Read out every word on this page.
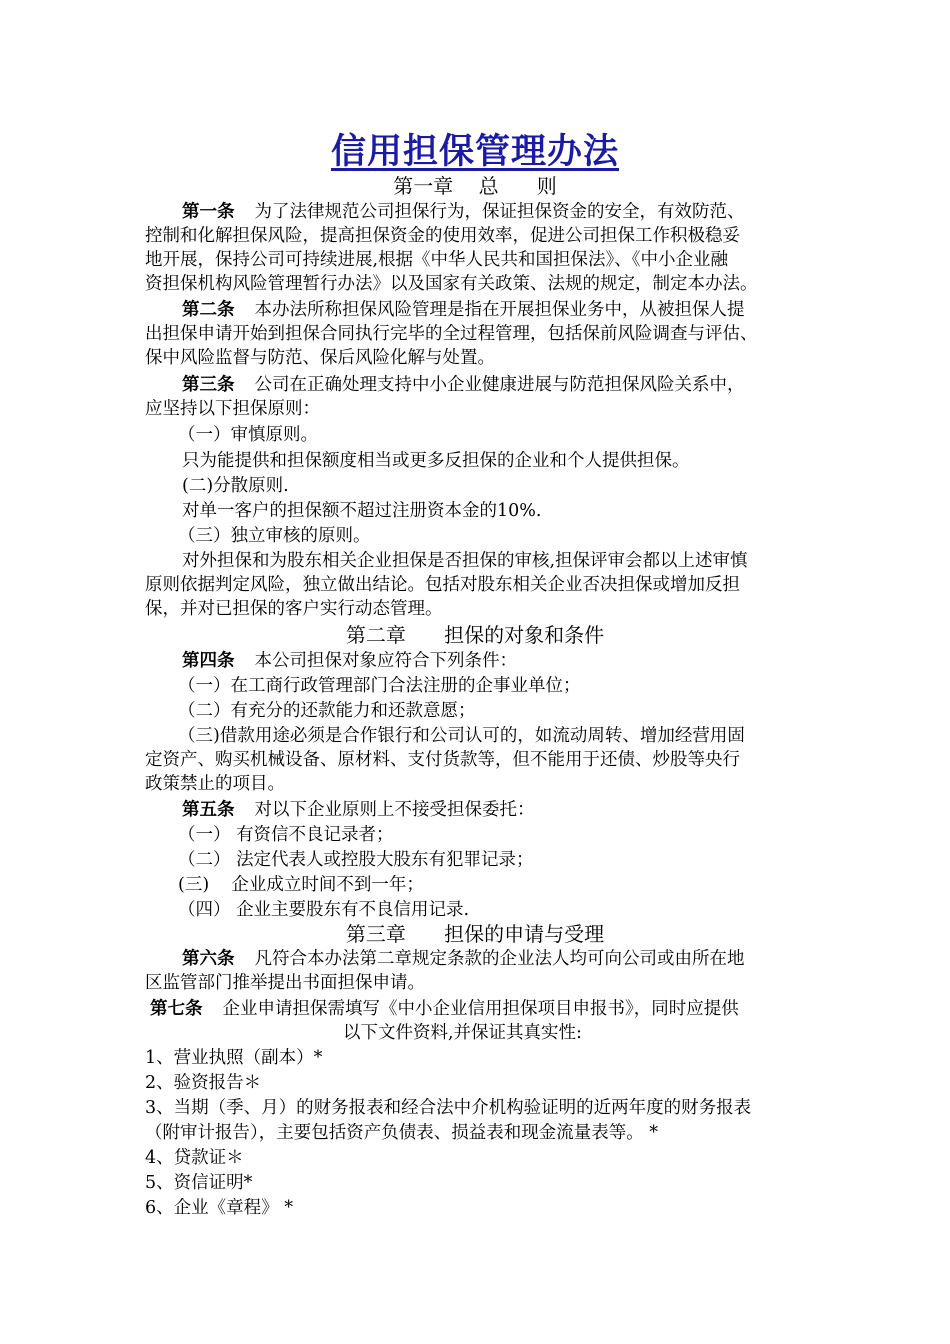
信用担保管理办法
第一章    总      则
第一条 为了法律规范公司担保行为，保证担保资金的安全，有效防范、
控制和化解担保风险，提高担保资金的使用效率，促进公司担保工作积极稳妥
地开展，保持公司可持续进展,根据《中华人民共和国担保法》、《中小企业融
资担保机构风险管理暂行办法》以及国家有关政策、法规的规定，制定本办法。
第二条 本办法所称担保风险管理是指在开展担保业务中，从被担保人提
出担保申请开始到担保合同执行完毕的全过程管理，包括保前风险调查与评估、
保中风险监督与防范、保后风险化解与处置。
第三条 公司在正确处理支持中小企业健康进展与防范担保风险关系中，
应坚持以下担保原则：
（一）审慎原则。
只为能提供和担保额度相当或更多反担保的企业和个人提供担保。
(二)分散原则.
对单一客户的担保额不超过注册资本金的10%.
（三）独立审核的原则。
对外担保和为股东相关企业担保是否担保的审核,担保评审会都以上述审慎
原则依据判定风险，独立做出结论。包括对股东相关企业否决担保或增加反担
保，并对已担保的客户实行动态管理。
第二章      担保的对象和条件
第四条 本公司担保对象应符合下列条件：
（一）在工商行政管理部门合法注册的企事业单位；
（二）有充分的还款能力和还款意愿；
（三)借款用途必须是合作银行和公司认可的，如流动周转、增加经营用固
定资产、购买机械设备、原材料、支付货款等，但不能用于还债、炒股等央行
政策禁止的项目。
第五条 对以下企业原则上不接受担保委托：
（一） 有资信不良记录者；
（二） 法定代表人或控股大股东有犯罪记录；
(三)    企业成立时间不到一年；
（四） 企业主要股东有不良信用记录.
第三章      担保的申请与受理
第六条 凡符合本办法第二章规定条款的企业法人均可向公司或由所在地
区监管部门推举提出书面担保申请。
第七条 企业申请担保需填写《中小企业信用担保项目申报书》，同时应提供
以下文件资料,并保证其真实性:
1、营业执照（副本）*
2、验资报告＊
3、当期（季、月）的财务报表和经合法中介机构验证明的近两年度的财务报表
（附审计报告），主要包括资产负债表、损益表和现金流量表等。 *
4、贷款证＊
5、资信证明*
6、企业《章程》 *
